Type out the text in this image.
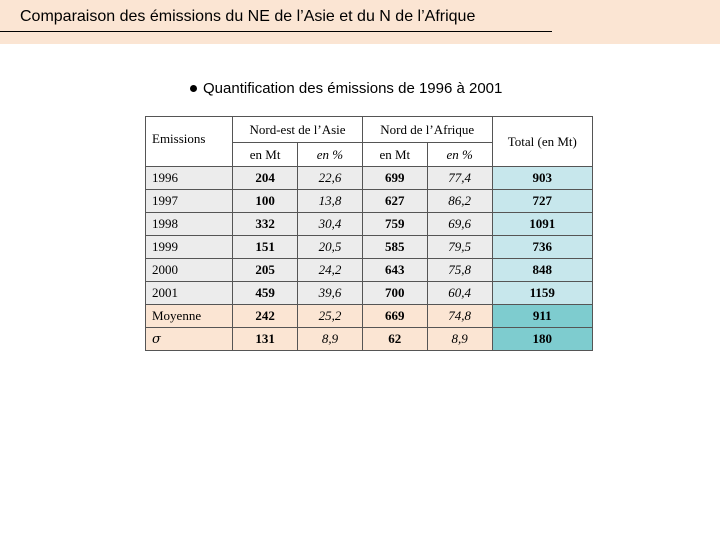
Comparaison des émissions du NE de l’Asie et du N de l’Afrique
Quantification des émissions de 1996 à 2001
Emissions	Nord-est de l’Asie		Nord de l’Afrique		Total (en Mt)
	en Mt	en %	en Mt	en %	
1996	204	22,6	699	77,4	903
1997	100	13,8	627	86,2	727
1998	332	30,4	759	69,6	1091
1999	151	20,5	585	79,5	736
2000	205	24,2	643	75,8	848
2001	459	39,6	700	60,4	1159
Moyenne	242	25,2	669	74,8	911
σ	131	8,9	62	8,9	180
